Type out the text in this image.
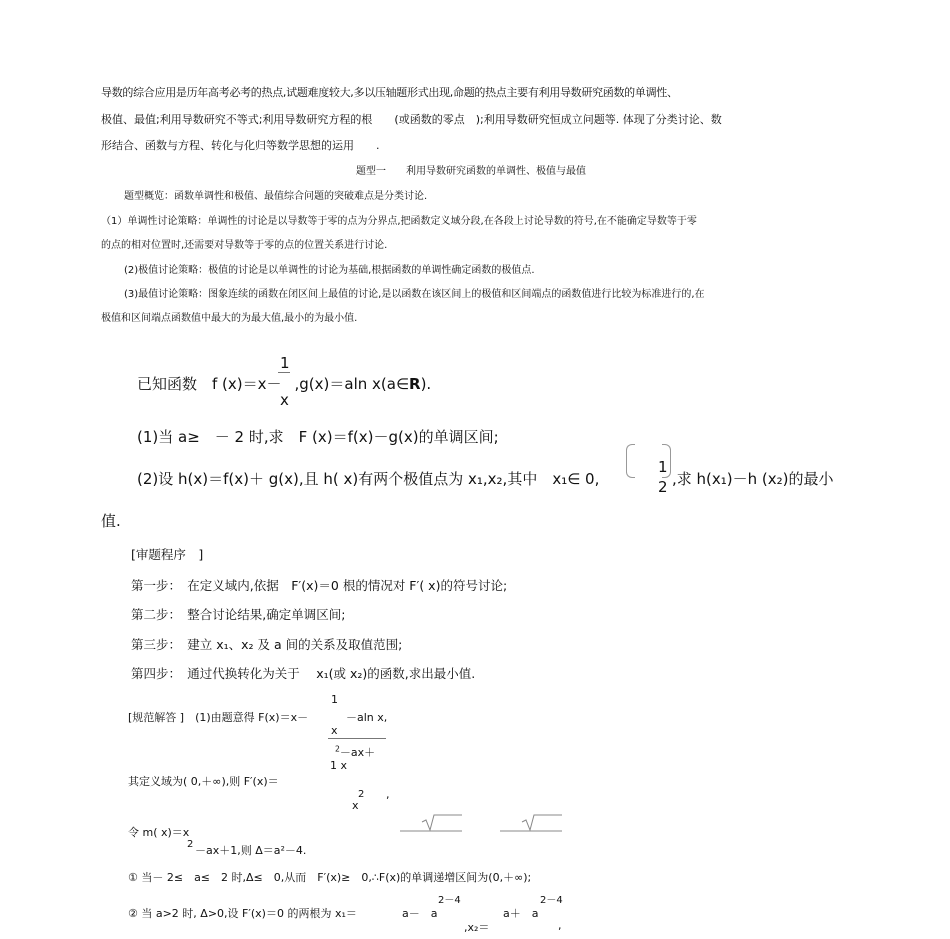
导数的综合应用是历年高考必考的热点,试题难度较大,多以压轴题形式出现,命题的热点主要有利用导数研究函数的单调性、
极值、最值;利用导数研究不等式;利用导数研究方程的根　　(或函数的零点　);利用导数研究恒成立问题等. 体现了分类讨论、数
形结合、函数与方程、转化与化归等数学思想的运用　　.
题型一　　利用导数研究函数的单调性、极值与最值
题型概览：函数单调性和极值、最值综合问题的突破难点是分类讨论.
（1）单调性讨论策略：单调性的讨论是以导数等于零的点为分界点,把函数定义域分段,在各段上讨论导数的符号,在不能确定导数等于零
的点的相对位置时,还需要对导数等于零的点的位置关系进行讨论.
(2)极值讨论策略：极值的讨论是以单调性的讨论为基础,根据函数的单调性确定函数的极值点.
(3)最值讨论策略：图象连续的函数在闭区间上最值的讨论,是以函数在该区间上的极值和区间端点的函数值进行比较为标准进行的,在
极值和区间端点函数值中最大的为最大值,最小的为最小值.
1
已知函数　f (x)＝x－ ,g(x)＝aln x(a∈R).
x
(1)当 a≥　－ 2 时,求　F (x)＝f(x)－g(x)的单调区间;
1
2
(2)设 h(x)＝f(x)＋ g(x),且 h( x)有两个极值点为 x₁,x₂,其中　x₁∈ 0,	,求 h(x₁)－h (x₂)的最小
值.
[审题程序　]
第一步：　在定义域内,依据　F′(x)＝0 根的情况对 F′( x)的符号讨论;
第二步：　整合讨论结果,确定单调区间;
第三步：　建立 x₁、x₂ 及 a 间的关系及取值范围;
第四步：　通过代换转化为关于　 x₁(或 x₂)的函数,求出最小值.
1
[规范解答 ]　(1)由题意得 F(x)＝x－	－aln x,
x
$^2$－ax＋
1 x
其定义域为( 0,＋∞),则 F′(x)＝
2 ,
x
令 m( x)＝x
2 －ax＋1,则 Δ＝a²－4.
① 当－ 2≤　a≤　2 时,Δ≤　0,从而　F′(x)≥　0,∴F(x)的单调递增区间为(0,＋∞);
2－4	2－4
② 当 a>2 时, Δ>0,设 F′(x)＝0 的两根为 x₁＝	a－　a	a＋　a
,x₂＝	,
